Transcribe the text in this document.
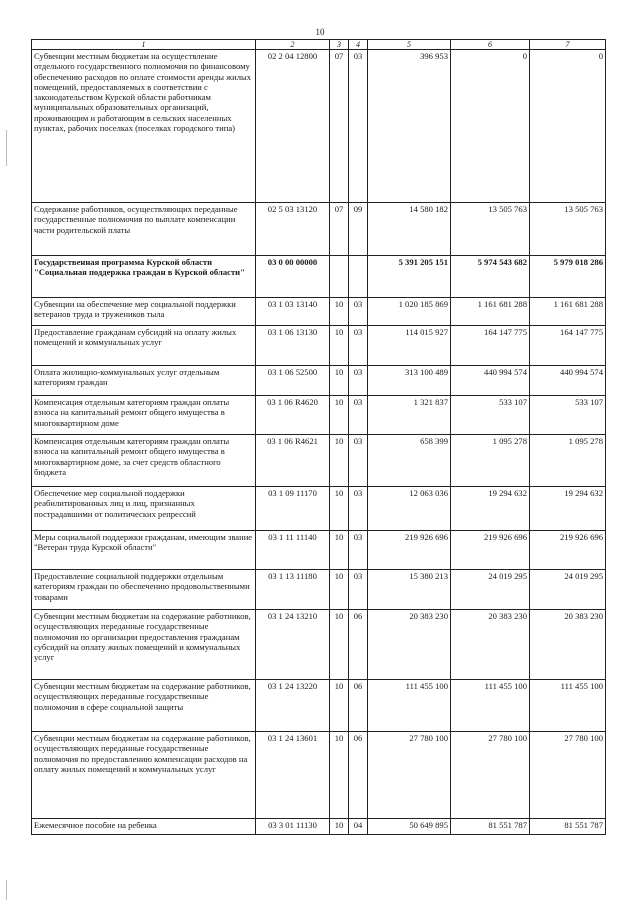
10
1	2	3	4	5	6	7
Субвенции местным бюджетам на осуществление отдельного государственного полномочия по финансовому обеспечению расходов по оплате стоимости аренды жилых помещений, предоставляемых в соответствии с законодательством Курской области работникам муниципальных образовательных организаций, проживающим и работающим в сельских населенных пунктах, рабочих поселках (поселках городского типа)	02 2 04 12800	07	03	396 953	0	0
Содержание работников, осуществляющих переданные государственные полномочия по выплате компенсации части родительской платы	02 5 03 13120	07	09	14 580 182	13 505 763	13 505 763
Государственная программа Курской области "Социальная поддержка граждан в Курской области"	03 0 00 00000			5 391 205 151	5 974 543 682	5 979 018 286
Субвенции на обеспечение мер социальной поддержки ветеранов труда и тружеников тыла	03 1 03 13140	10	03	1 020 185 869	1 161 681 288	1 161 681 288
Предоставление гражданам субсидий на оплату жилых помещений и коммунальных услуг	03 1 06 13130	10	03	114 015 927	164 147 775	164 147 775
Оплата жилищно-коммунальных услуг отдельным категориям граждан	03 1 06 52500	10	03	313 100 489	440 994 574	440 994 574
Компенсация отдельным категориям граждан оплаты взноса на капитальный ремонт общего имущества в многоквартирном доме	03 1 06 R4620	10	03	1 321 837	533 107	533 107
Компенсация отдельным категориям граждан оплаты взноса на капитальный ремонт общего имущества в многоквартирном доме, за счет средств областного бюджета	03 1 06 R4621	10	03	658 399	1 095 278	1 095 278
Обеспечение мер социальной поддержки реабилитированных лиц и лиц, признанных пострадавшими от политических репрессий	03 1 09 11170	10	03	12 063 036	19 294 632	19 294 632
Меры социальной поддержки гражданам, имеющим звание "Ветеран труда Курской области"	03 1 11 11140	10	03	219 926 696	219 926 696	219 926 696
Предоставление социальной поддержки отдельным категориям граждан по обеспечению продовольственными товарами	03 1 13 11180	10	03	15 380 213	24 019 295	24 019 295
Субвенции местным бюджетам на содержание работников, осуществляющих переданные государственные полномочия по организации предоставления гражданам субсидий на оплату жилых помещений и коммунальных услуг	03 1 24 13210	10	06	20 383 230	20 383 230	20 383 230
Субвенции местным бюджетам на содержание работников, осуществляющих переданные государственные полномочия в сфере социальной защиты	03 1 24 13220	10	06	111 455 100	111 455 100	111 455 100
Субвенции местным бюджетам на содержание работников, осуществляющих переданные государственные полномочия по предоставлению компенсации расходов на оплату жилых помещений и коммунальных услуг	03 1 24 13601	10	06	27 780 100	27 780 100	27 780 100
Ежемесячное пособие на ребенка	03 3 01 11130	10	04	50 649 895	81 551 787	81 551 787
